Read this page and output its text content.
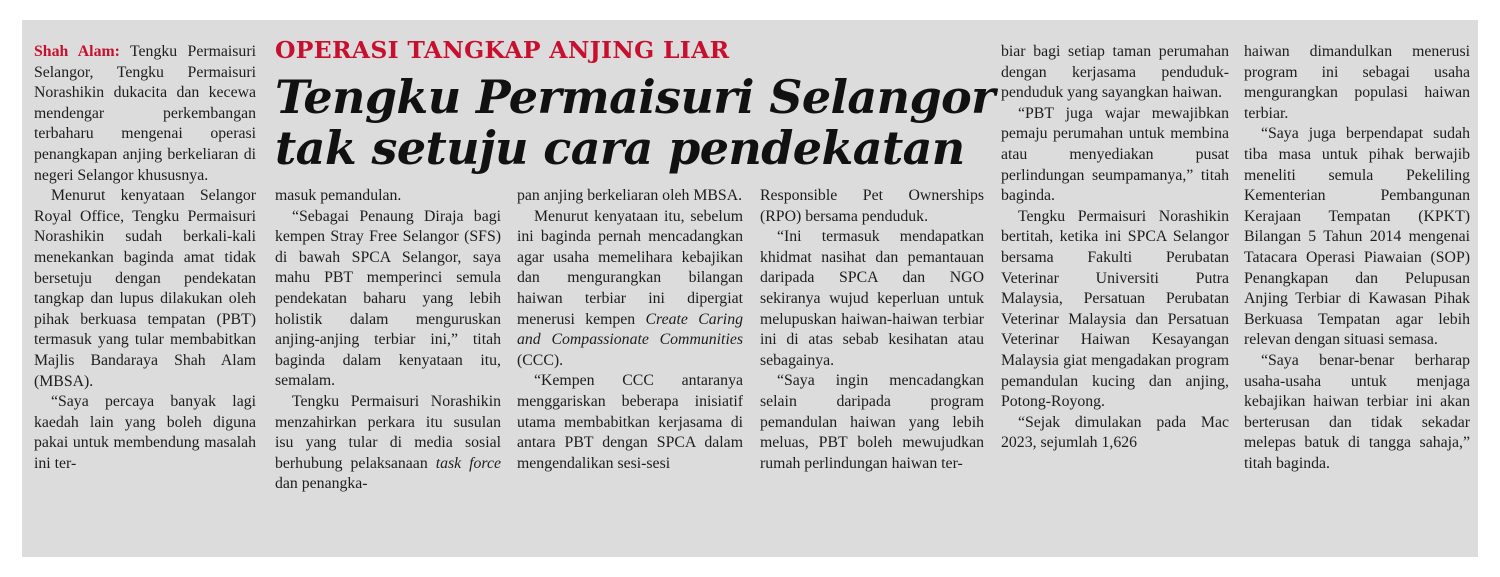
OPERASI TANGKAP ANJING LIAR
Tengku Permaisuri Selangor
tak setuju cara pendekatan

Shah Alam: Tengku Permaisuri Selangor, Tengku Permaisuri Norashikin dukacita dan kecewa mendengar perkembangan terbaharu mengenai operasi penangkapan anjing berkeliaran di negeri Selangor khususnya.

Menurut kenyataan Selangor Royal Office, Tengku Permaisuri Norashikin sudah berkali-kali menekankan baginda amat tidak bersetuju dengan pendekatan tangkap dan lupus dilakukan oleh pihak berkuasa tempatan (PBT) termasuk yang tular membabitkan Majlis Bandaraya Shah Alam (MBSA).

“Saya percaya banyak lagi kaedah lain yang boleh diguna pakai untuk membendung masalah ini ter-

masuk pemandulan.

“Sebagai Penaung Diraja bagi kempen Stray Free Selangor (SFS) di bawah SPCA Selangor, saya mahu PBT memperinci semula pendekatan baharu yang lebih holistik dalam menguruskan anjing-anjing terbiar ini,” titah baginda dalam kenyataan itu, semalam.

Tengku Permaisuri Norashikin menzahirkan perkara itu susulan isu yang tular di media sosial berhubung pelaksanaan task force dan penangka-

pan anjing berkeliaran oleh MBSA.

Menurut kenyataan itu, sebelum ini baginda pernah mencadangkan agar usaha memelihara kebajikan dan mengurangkan bilangan haiwan terbiar ini dipergiat menerusi kempen Create Caring and Compassionate Communities (CCC).

“Kempen CCC antaranya menggariskan beberapa inisiatif utama membabitkan kerjasama di antara PBT dengan SPCA dalam mengendalikan sesi-sesi

Responsible Pet Ownerships (RPO) bersama penduduk.

“Ini termasuk mendapatkan khidmat nasihat dan pemantauan daripada SPCA dan NGO sekiranya wujud keperluan untuk melupuskan haiwan-haiwan terbiar ini di atas sebab kesihatan atau sebagainya.

“Saya ingin mencadangkan selain daripada program pemandulan haiwan yang lebih meluas, PBT boleh mewujudkan rumah perlindungan haiwan ter-

biar bagi setiap taman perumahan dengan kerjasama penduduk-penduduk yang sayangkan haiwan.

“PBT juga wajar mewajibkan pemaju perumahan untuk membina atau menyediakan pusat perlindungan seumpamanya,” titah baginda.

Tengku Permaisuri Norashikin bertitah, ketika ini SPCA Selangor bersama Fakulti Perubatan Veterinar Universiti Putra Malaysia, Persatuan Perubatan Veterinar Malaysia dan Persatuan Veterinar Haiwan Kesayangan Malaysia giat mengadakan program pemandulan kucing dan anjing, Potong-Royong.

“Sejak dimulakan pada Mac 2023, sejumlah 1,626

haiwan dimandulkan menerusi program ini sebagai usaha mengurangkan populasi haiwan terbiar.

“Saya juga berpendapat sudah tiba masa untuk pihak berwajib meneliti semula Pekeliling Kementerian Pembangunan Kerajaan Tempatan (KPKT) Bilangan 5 Tahun 2014 mengenai Tatacara Operasi Piawaian (SOP) Penangkapan dan Pelupusan Anjing Terbiar di Kawasan Pihak Berkuasa Tempatan agar lebih relevan dengan situasi semasa.

“Saya benar-benar berharap usaha-usaha untuk menjaga kebajikan haiwan terbiar ini akan berterusan dan tidak sekadar melepas batuk di tangga sahaja,” titah baginda.
